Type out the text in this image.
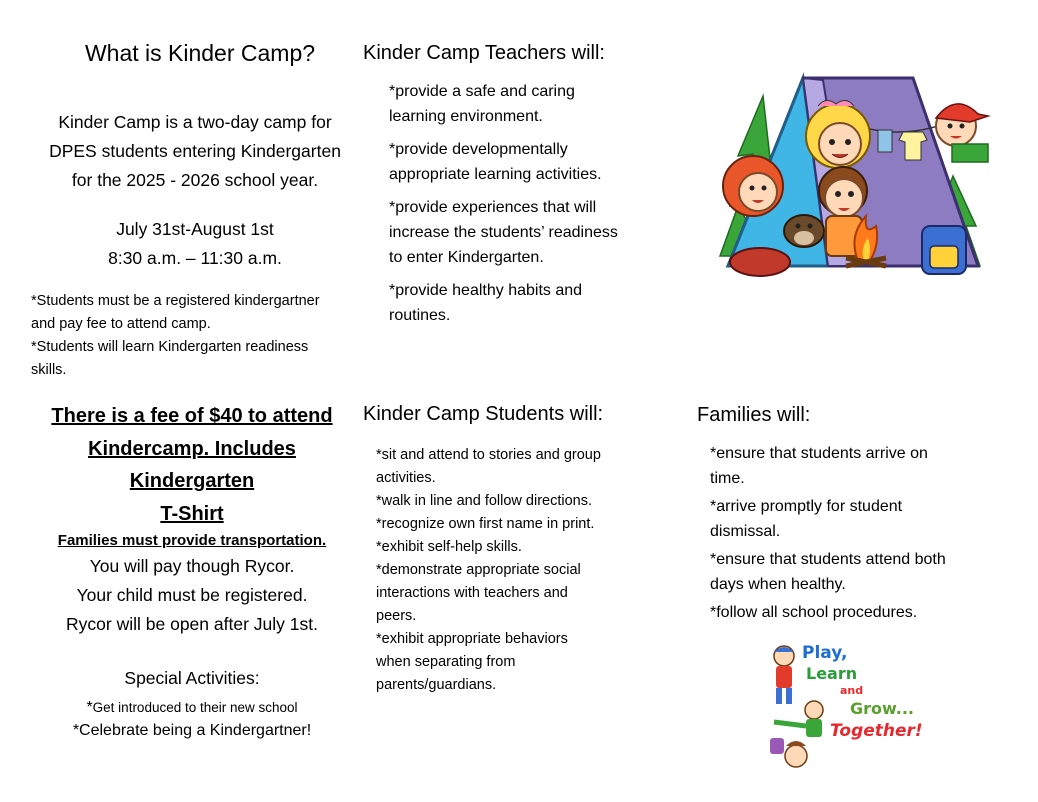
What is Kinder Camp?
Kinder Camp is a two-day camp for
DPES students entering Kindergarten
for the 2025 - 2026 school year.
July 31st-August 1st
8:30 a.m. – 11:30 a.m.
*Students must be a registered kindergartner
and pay fee to attend camp.
*Students will learn Kindergarten readiness
skills.
There is a fee of $40 to attend
Kindercamp. Includes
Kindergarten
T-Shirt
Families must provide transportation.
You will pay though Rycor.
Your child must be registered.
Rycor will be open after July 1st.
Special Activities:
*Get introduced to their new school
*Celebrate being a Kindergartner!
Kinder Camp Teachers will:

*provide a safe and caring
learning environment.

*provide developmentally
appropriate learning activities.

*provide experiences that will
increase the students’ readiness
to enter Kindergarten.

*provide healthy habits and
routines.

Kinder Camp Students will:
*sit and attend to stories and group
activities.
*walk in line and follow directions.
*recognize own first name in print.
*exhibit self-help skills.
*demonstrate appropriate social
interactions with teachers and
peers.
*exhibit appropriate behaviors
when separating from
parents/guardians.
Families will:

*ensure that students arrive on
time.

*arrive promptly for student
dismissal.

*ensure that students attend both
days when healthy.

*follow all school procedures.

Play,
Learn
and
Grow...
Together!
